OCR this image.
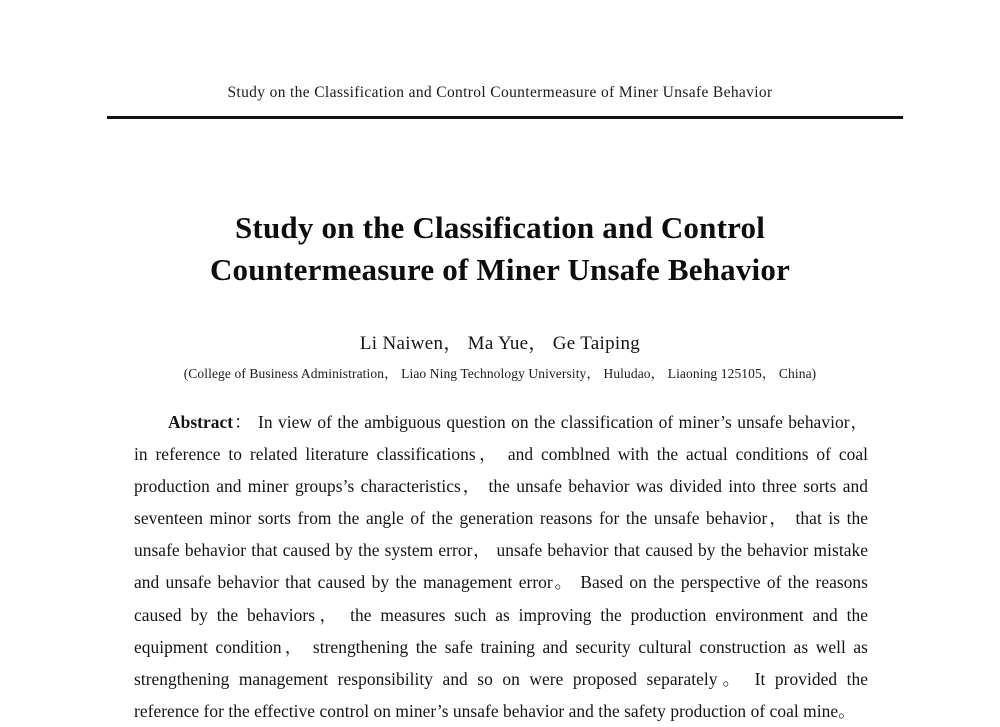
Study on the Classification and Control Countermeasure of Miner Unsafe Behavior
Study on the Classification and Control
Countermeasure of Miner Unsafe Behavior
Li Naiwen， Ma Yue， Ge Taiping
(College of Business Administration， Liao Ning Technology University， Huludao， Liaoning 125105， China)
Abstract： In view of the ambiguous question on the classification of miner’s unsafe behavior， in reference to related literature classifications， and comblned with the actual conditions of coal production and miner groups’s characteristics， the unsafe behavior was divided into three sorts and seventeen minor sorts from the angle of the generation reasons for the unsafe behavior， that is the unsafe behavior that caused by the system error， unsafe behavior that caused by the behavior mistake and unsafe behavior that caused by the management error。 Based on the perspective of the reasons caused by the behaviors， the measures such as improving the production environment and the equipment condition， strengthening the safe training and security cultural construction as well as strengthening management responsibility and so on were proposed separately。 It provided the reference for the effective control on miner’s unsafe behavior and the safety production of coal mine。
